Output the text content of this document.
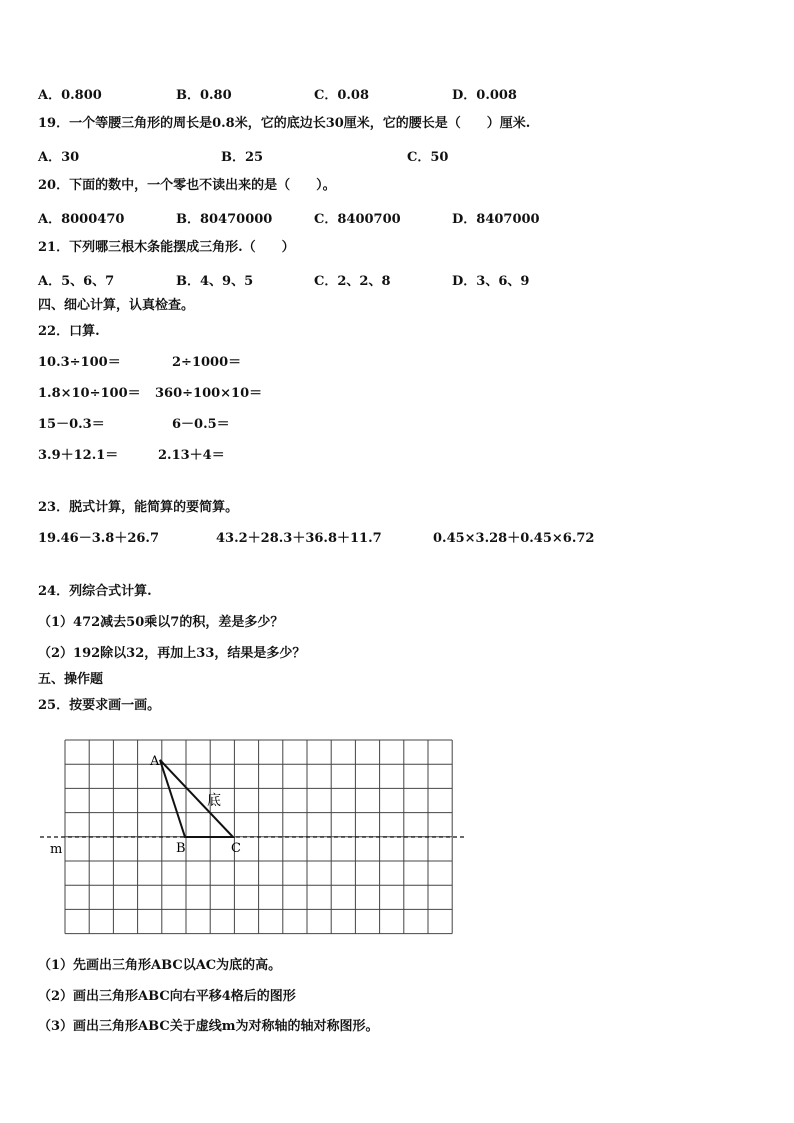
A．0.800	B．0.80	C．0.08	D．0.008
19．一个等腰三角形的周长是0.8米，它的底边长30厘米，它的腰长是（　　）厘米.
A．30	B．25	C．50
20．下面的数中，一个零也不读出来的是（　　）。
A．8000470	B．80470000	C．8400700	D．8407000
21．下列哪三根木条能摆成三角形.（　　）
A．5、6、7	B．4、9、5	C．2、2、8	D．3、6、9
四、细心计算，认真检查。
22．口算.
10.3÷100＝	2÷1000＝
1.8×10÷100＝ 360÷100×10＝
15－0.3＝	6－0.5＝
3.9＋12.1＝	2.13＋4＝
23．脱式计算，能简算的要简算。
19.46－3.8＋26.7	43.2＋28.3＋36.8＋11.7	0.45×3.28＋0.45×6.72
24．列综合式计算.
（1）472减去50乘以7的积，差是多少？
（2）192除以32，再加上33，结果是多少？
五、操作题
25．按要求画一画。
A
B	C
m
底
（1）先画出三角形ABC以AC为底的高。
（2）画出三角形ABC向右平移4格后的图形
（3）画出三角形ABC关于虚线m为对称轴的轴对称图形。
